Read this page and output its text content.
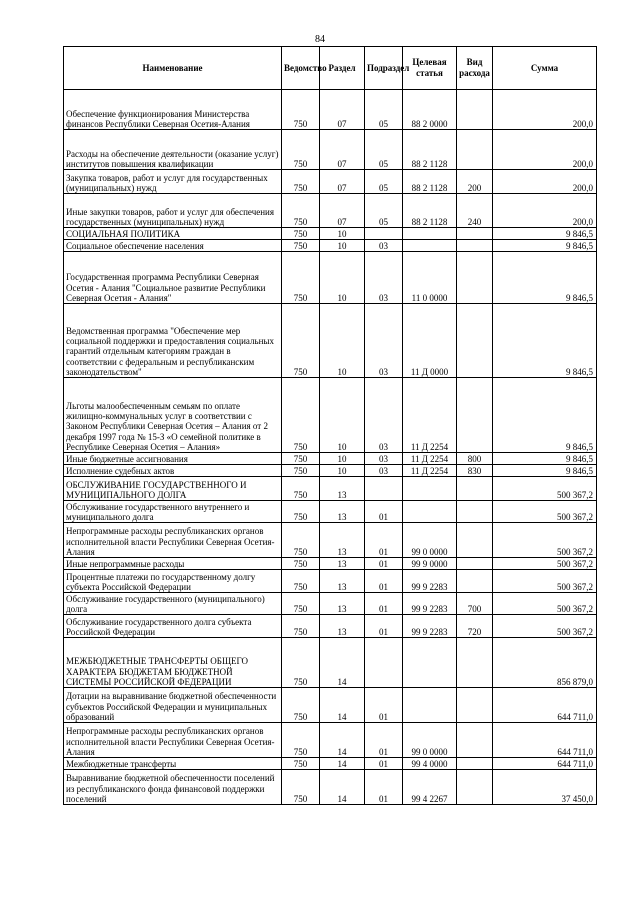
84
Наименование	Ведомство	Раздел	Подраздел	Целевая статья	Вид расхода	Сумма
Обеспечение функционирования Министерства финансов Республики Северная Осетия-Алания	750	07	05	88 2 0000		200,0
Расходы на обеспечение деятельности (оказание услуг) институтов повышения квалификации	750	07	05	88 2 1128		200,0
Закупка товаров, работ и услуг для государственных (муниципальных) нужд	750	07	05	88 2 1128	200	200,0
Иные закупки товаров, работ и услуг для обеспечения государственных (муниципальных) нужд	750	07	05	88 2 1128	240	200,0
СОЦИАЛЬНАЯ ПОЛИТИКА	750	10				9 846,5
Социальное обеспечение населения	750	10	03			9 846,5
Государственная программа Республики Северная Осетия - Алания "Социальное развитие Республики Северная Осетия - Алания"	750	10	03	11 0 0000		9 846,5
Ведомственная программа "Обеспечение мер социальной поддержки и предоставления социальных гарантий отдельным категориям граждан в соответствии с федеральным и республиканским законодательством"	750	10	03	11 Д 0000		9 846,5
Льготы малообеспеченным семьям по оплате жилищно-коммунальных услуг в соответствии с Законом Республики Северная Осетия – Алания от 2 декабря 1997 года № 15-З «О семейной политике в Республике Северная Осетия – Алания»	750	10	03	11 Д 2254		9 846,5
Иные бюджетные ассигнования	750	10	03	11 Д 2254	800	9 846,5
Исполнение судебных актов	750	10	03	11 Д 2254	830	9 846,5
ОБСЛУЖИВАНИЕ ГОСУДАРСТВЕННОГО И МУНИЦИПАЛЬНОГО ДОЛГА	750	13				500 367,2
Обслуживание государственного внутреннего и муниципального долга	750	13	01			500 367,2
Непрограммные расходы республиканских органов исполнительной власти Республики Северная Осетия-Алания	750	13	01	99 0 0000		500 367,2
Иные непрограммные расходы	750	13	01	99 9 0000		500 367,2
Процентные платежи по государственному долгу субъекта Российской Федерации	750	13	01	99 9 2283		500 367,2
Обслуживание государственного (муниципального) долга	750	13	01	99 9 2283	700	500 367,2
Обслуживание государственного долга субъекта Российской Федерации	750	13	01	99 9 2283	720	500 367,2
МЕЖБЮДЖЕТНЫЕ ТРАНСФЕРТЫ ОБЩЕГО ХАРАКТЕРА БЮДЖЕТАМ БЮДЖЕТНОЙ СИСТЕМЫ РОССИЙСКОЙ ФЕДЕРАЦИИ	750	14				856 879,0
Дотации на выравнивание бюджетной обеспеченности субъектов Российской Федерации и муниципальных образований	750	14	01			644 711,0
Непрограммные расходы республиканских органов исполнительной власти Республики Северная Осетия-Алания	750	14	01	99 0 0000		644 711,0
Межбюджетные трансферты	750	14	01	99 4 0000		644 711,0
Выравнивание бюджетной обеспеченности поселений из республиканского фонда финансовой поддержки поселений	750	14	01	99 4 2267		37 450,0
